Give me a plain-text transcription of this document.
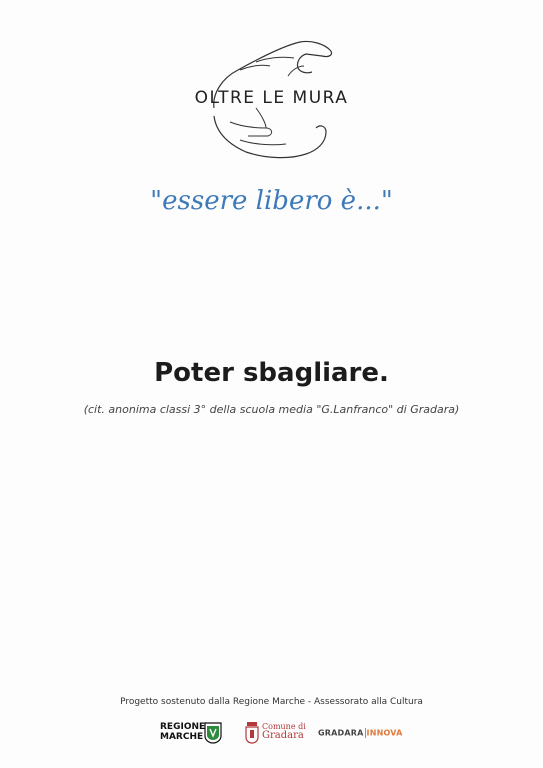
OLTRE LE MURA
"essere libero è..."
Poter sbagliare.
(cit. anonima classi 3° della scuola media "G.Lanfranco" di Gradara)
Progetto sostenuto dalla Regione Marche - Assessorato alla Cultura
REGIONE
MARCHE
Comune di
Gradara GRADARA INNOVA
